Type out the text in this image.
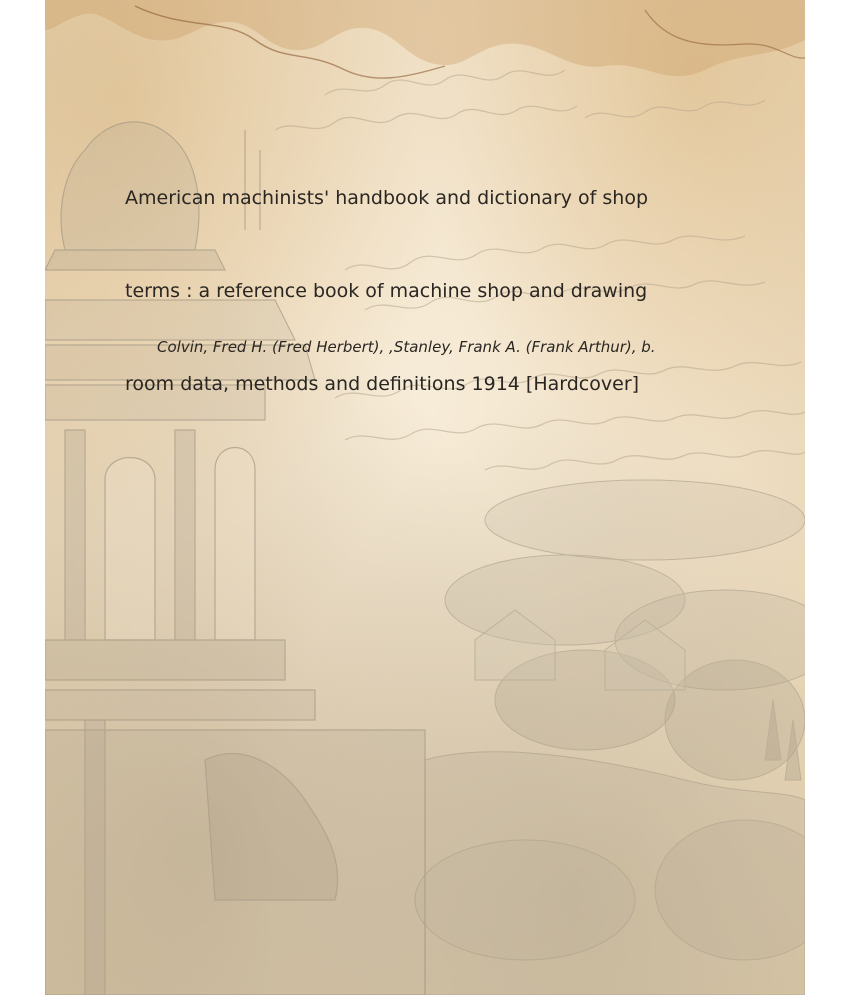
American machinists' handbook and dictionary of shop

terms : a reference book of machine shop and drawing

room data, methods and definitions 1914 [Hardcover]

Colvin, Fred H. (Fred Herbert), ,Stanley, Frank A. (Frank Arthur), b.
